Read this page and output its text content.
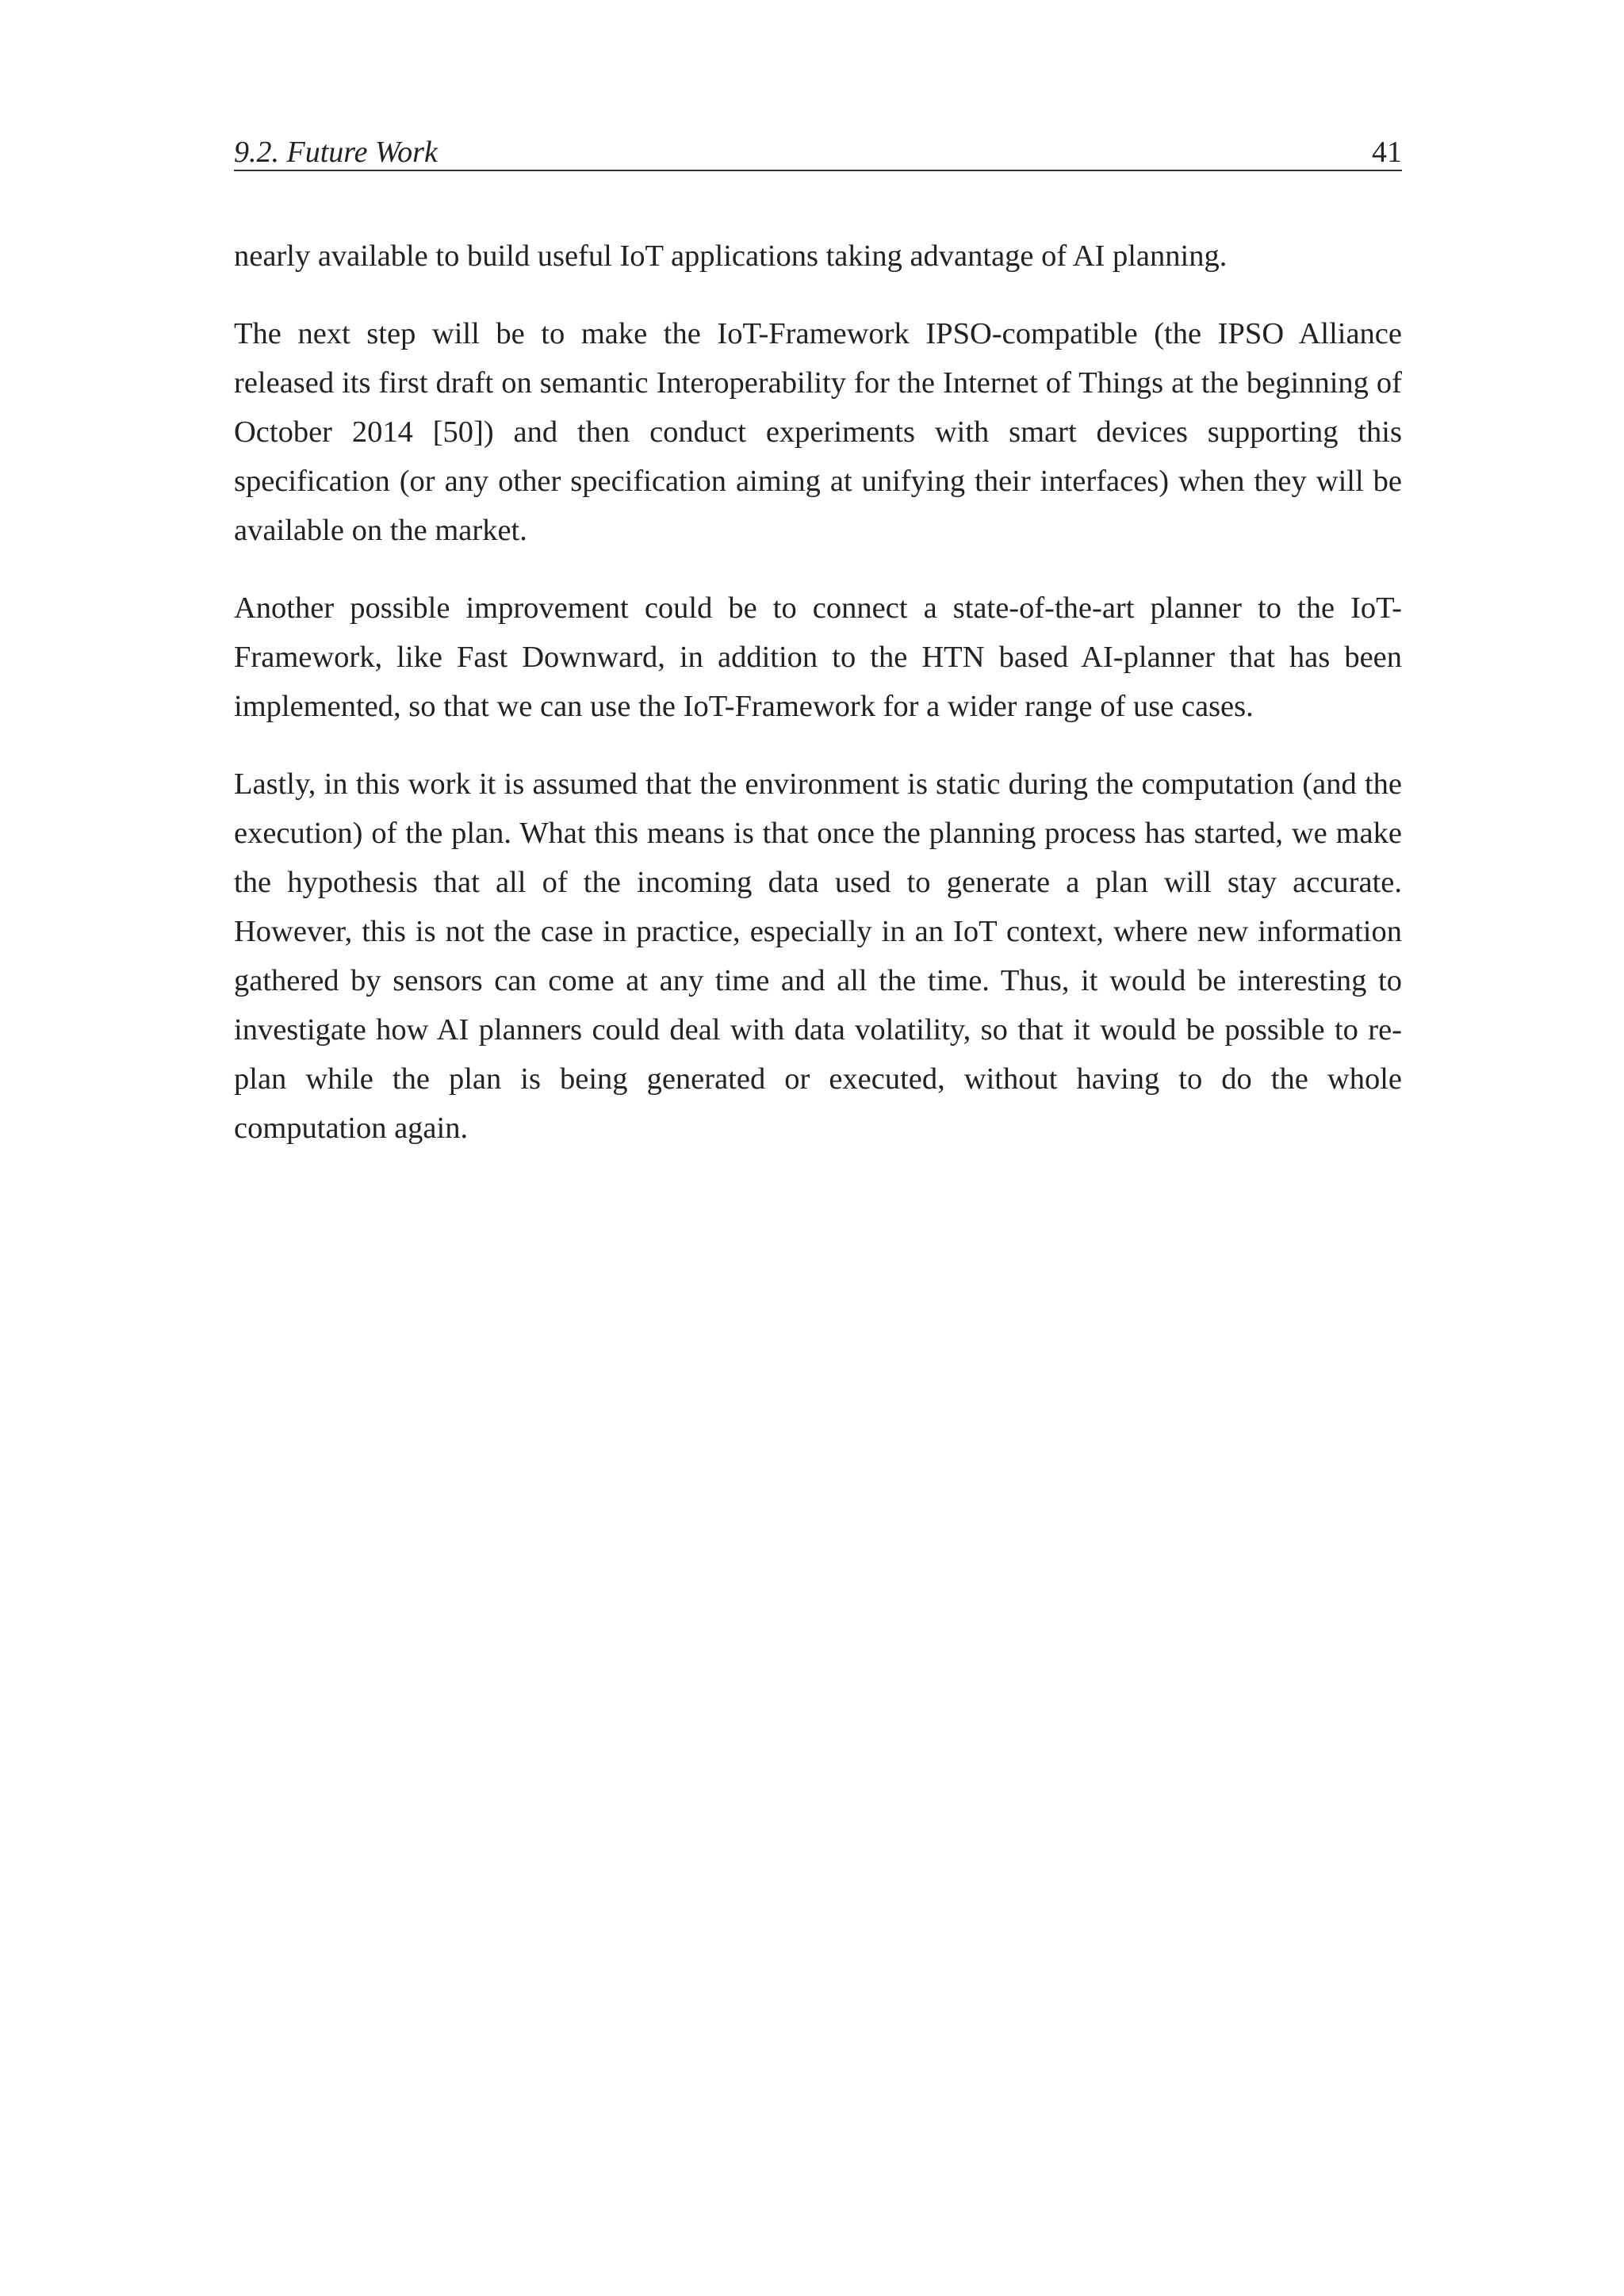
9.2. Future Work	41

nearly available to build useful IoT applications taking advantage of AI planning.

The next step will be to make the IoT-Framework IPSO-compatible (the IPSO Alliance released its first draft on semantic Interoperability for the Internet of Things at the beginning of October 2014 [50]) and then conduct experiments with smart devices supporting this specification (or any other specification aiming at unifying their interfaces) when they will be available on the market.

Another possible improvement could be to connect a state-of-the-art planner to the IoT-Framework, like Fast Downward, in addition to the HTN based AI-planner that has been implemented, so that we can use the IoT-Framework for a wider range of use cases.

Lastly, in this work it is assumed that the environment is static during the computation (and the execution) of the plan. What this means is that once the planning process has started, we make the hypothesis that all of the incoming data used to generate a plan will stay accurate. However, this is not the case in practice, especially in an IoT context, where new information gathered by sensors can come at any time and all the time. Thus, it would be interesting to investigate how AI planners could deal with data volatility, so that it would be possible to re-plan while the plan is being generated or executed, without having to do the whole computation again.
